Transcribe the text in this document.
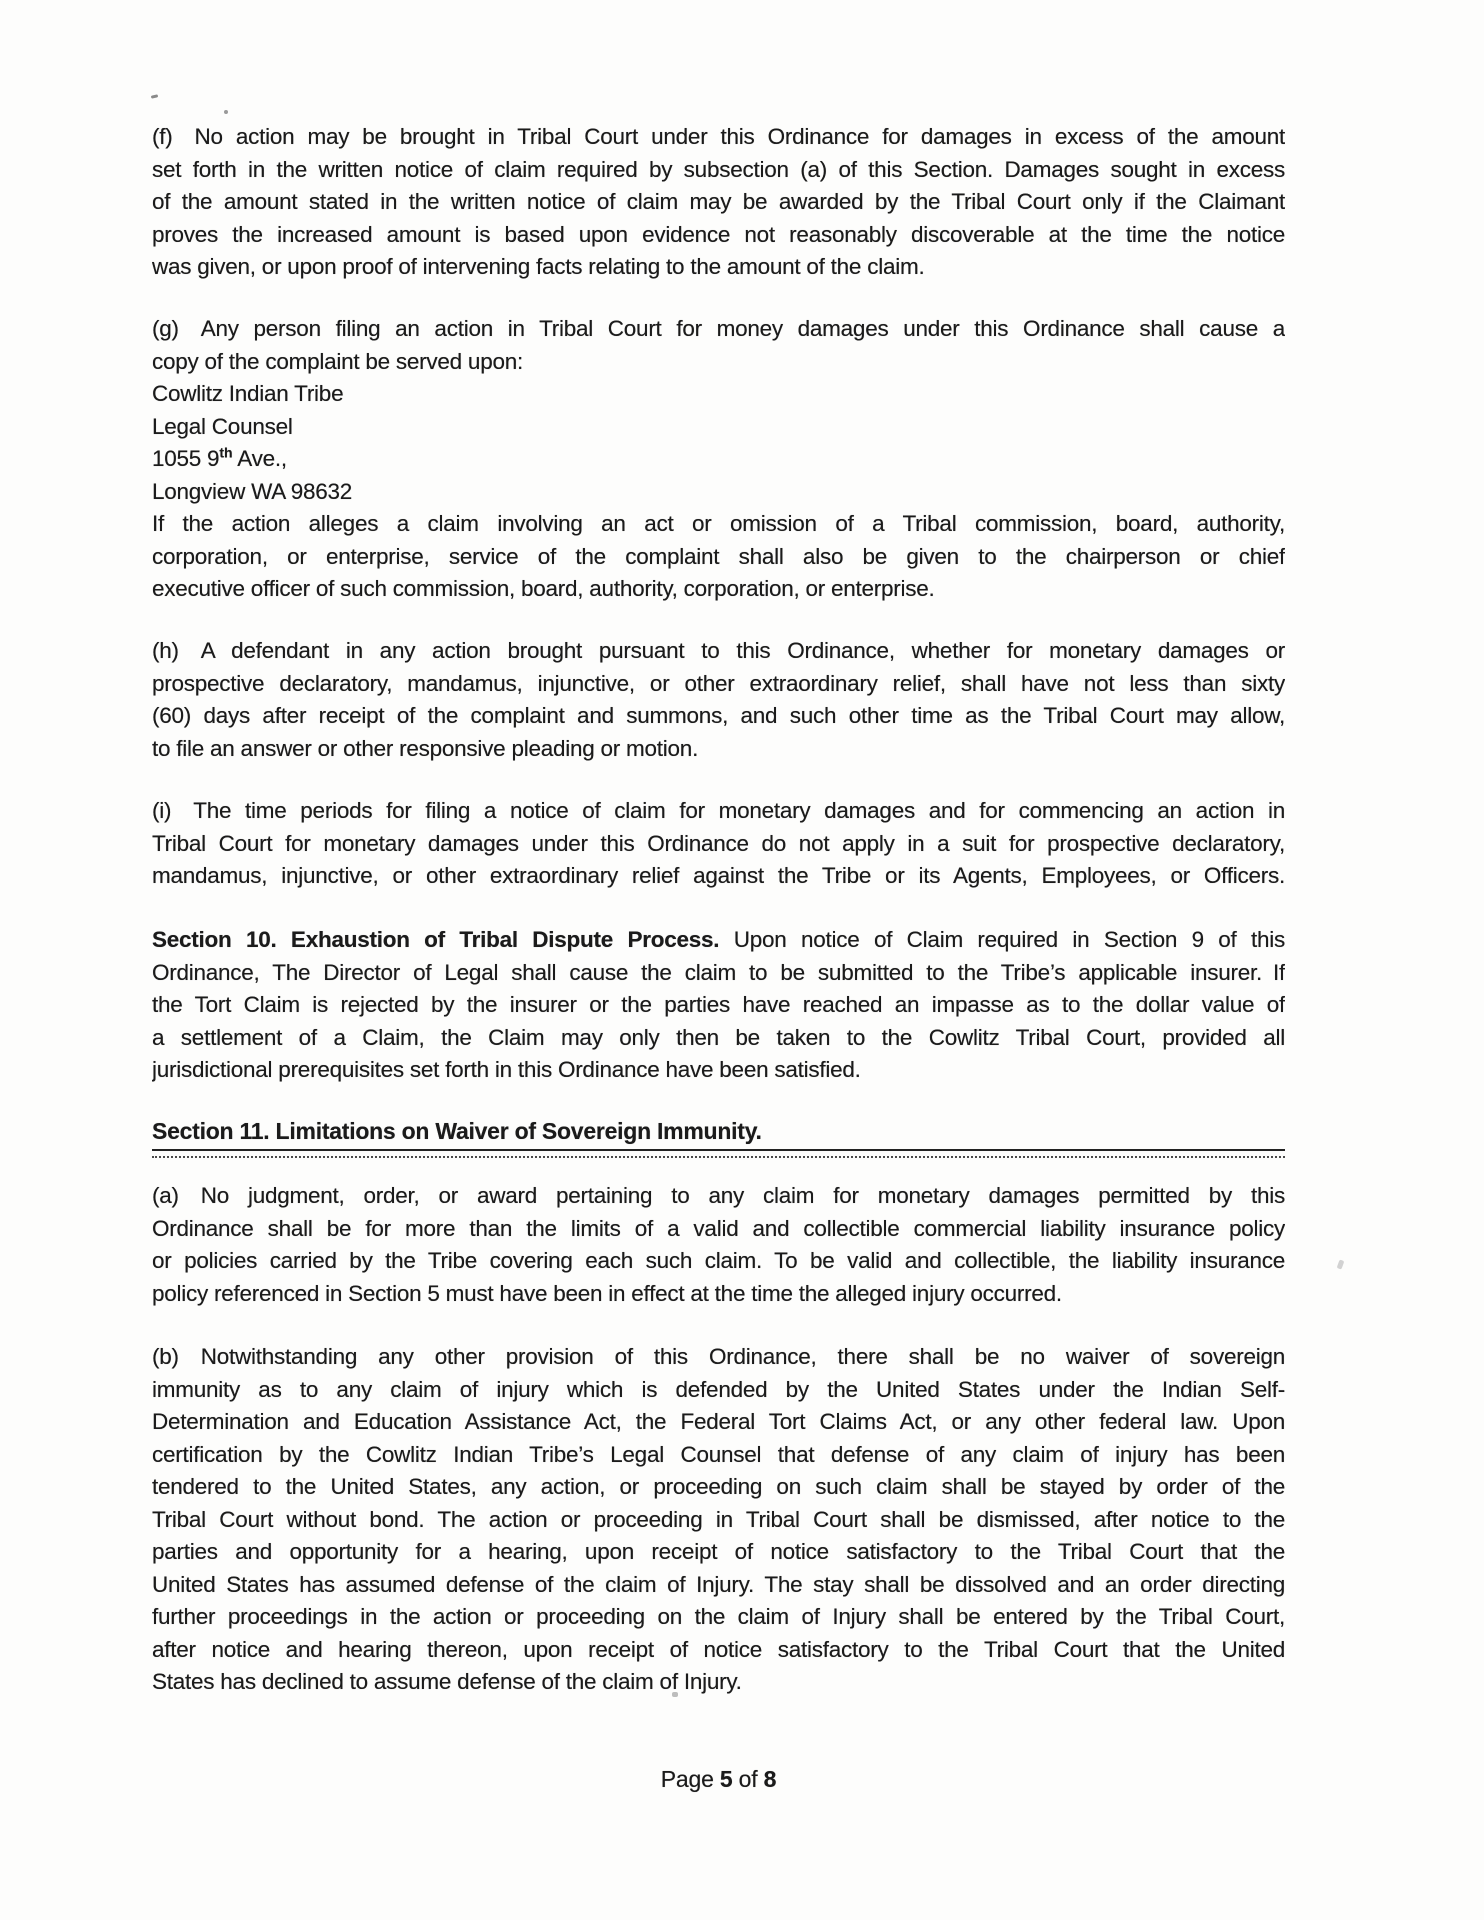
(f)  No action may be brought in Tribal Court under this Ordinance for damages in excess of the amount
set forth in the written notice of claim required by subsection (a) of this Section. Damages sought in excess
of the amount stated in the written notice of claim may be awarded by the Tribal Court only if the Claimant
proves the increased amount is based upon evidence not reasonably discoverable at the time the notice
was given, or upon proof of intervening facts relating to the amount of the claim.
(g)  Any person filing an action in Tribal Court for money damages under this Ordinance shall cause a
copy of the complaint be served upon:
Cowlitz Indian Tribe
Legal Counsel
1055 9th Ave.,
Longview WA 98632
If the action alleges a claim involving an act or omission of a Tribal commission, board, authority,
corporation, or enterprise, service of the complaint shall also be given to the chairperson or chief
executive officer of such commission, board, authority, corporation, or enterprise.
(h)  A defendant in any action brought pursuant to this Ordinance, whether for monetary damages or
prospective declaratory, mandamus, injunctive, or other extraordinary relief, shall have not less than sixty
(60) days after receipt of the complaint and summons, and such other time as the Tribal Court may allow,
to file an answer or other responsive pleading or motion.
(i)  The time periods for filing a notice of claim for monetary damages and for commencing an action in
Tribal Court for monetary damages under this Ordinance do not apply in a suit for prospective declaratory,
mandamus, injunctive, or other extraordinary relief against the Tribe or its Agents, Employees, or Officers.
Section 10. Exhaustion of Tribal Dispute Process. Upon notice of Claim required in Section 9 of this
Ordinance, The Director of Legal shall cause the claim to be submitted to the Tribe’s applicable insurer. If
the Tort Claim is rejected by the insurer or the parties have reached an impasse as to the dollar value of
a settlement of a Claim, the Claim may only then be taken to the Cowlitz Tribal Court, provided all
jurisdictional prerequisites set forth in this Ordinance have been satisfied.
Section 11. Limitations on Waiver of Sovereign Immunity.
(a)  No judgment, order, or award pertaining to any claim for monetary damages permitted by this
Ordinance shall be for more than the limits of a valid and collectible commercial liability insurance policy
or policies carried by the Tribe covering each such claim. To be valid and collectible, the liability insurance
policy referenced in Section 5 must have been in effect at the time the alleged injury occurred.
(b)  Notwithstanding any other provision of this Ordinance, there shall be no waiver of sovereign
immunity as to any claim of injury which is defended by the United States under the Indian Self-
Determination and Education Assistance Act, the Federal Tort Claims Act, or any other federal law. Upon
certification by the Cowlitz Indian Tribe’s Legal Counsel that defense of any claim of injury has been
tendered to the United States, any action, or proceeding on such claim shall be stayed by order of the
Tribal Court without bond. The action or proceeding in Tribal Court shall be dismissed, after notice to the
parties and opportunity for a hearing, upon receipt of notice satisfactory to the Tribal Court that the
United States has assumed defense of the claim of Injury. The stay shall be dissolved and an order directing
further proceedings in the action or proceeding on the claim of Injury shall be entered by the Tribal Court,
after notice and hearing thereon, upon receipt of notice satisfactory to the Tribal Court that the United
States has declined to assume defense of the claim of Injury.
Page 5 of 8
